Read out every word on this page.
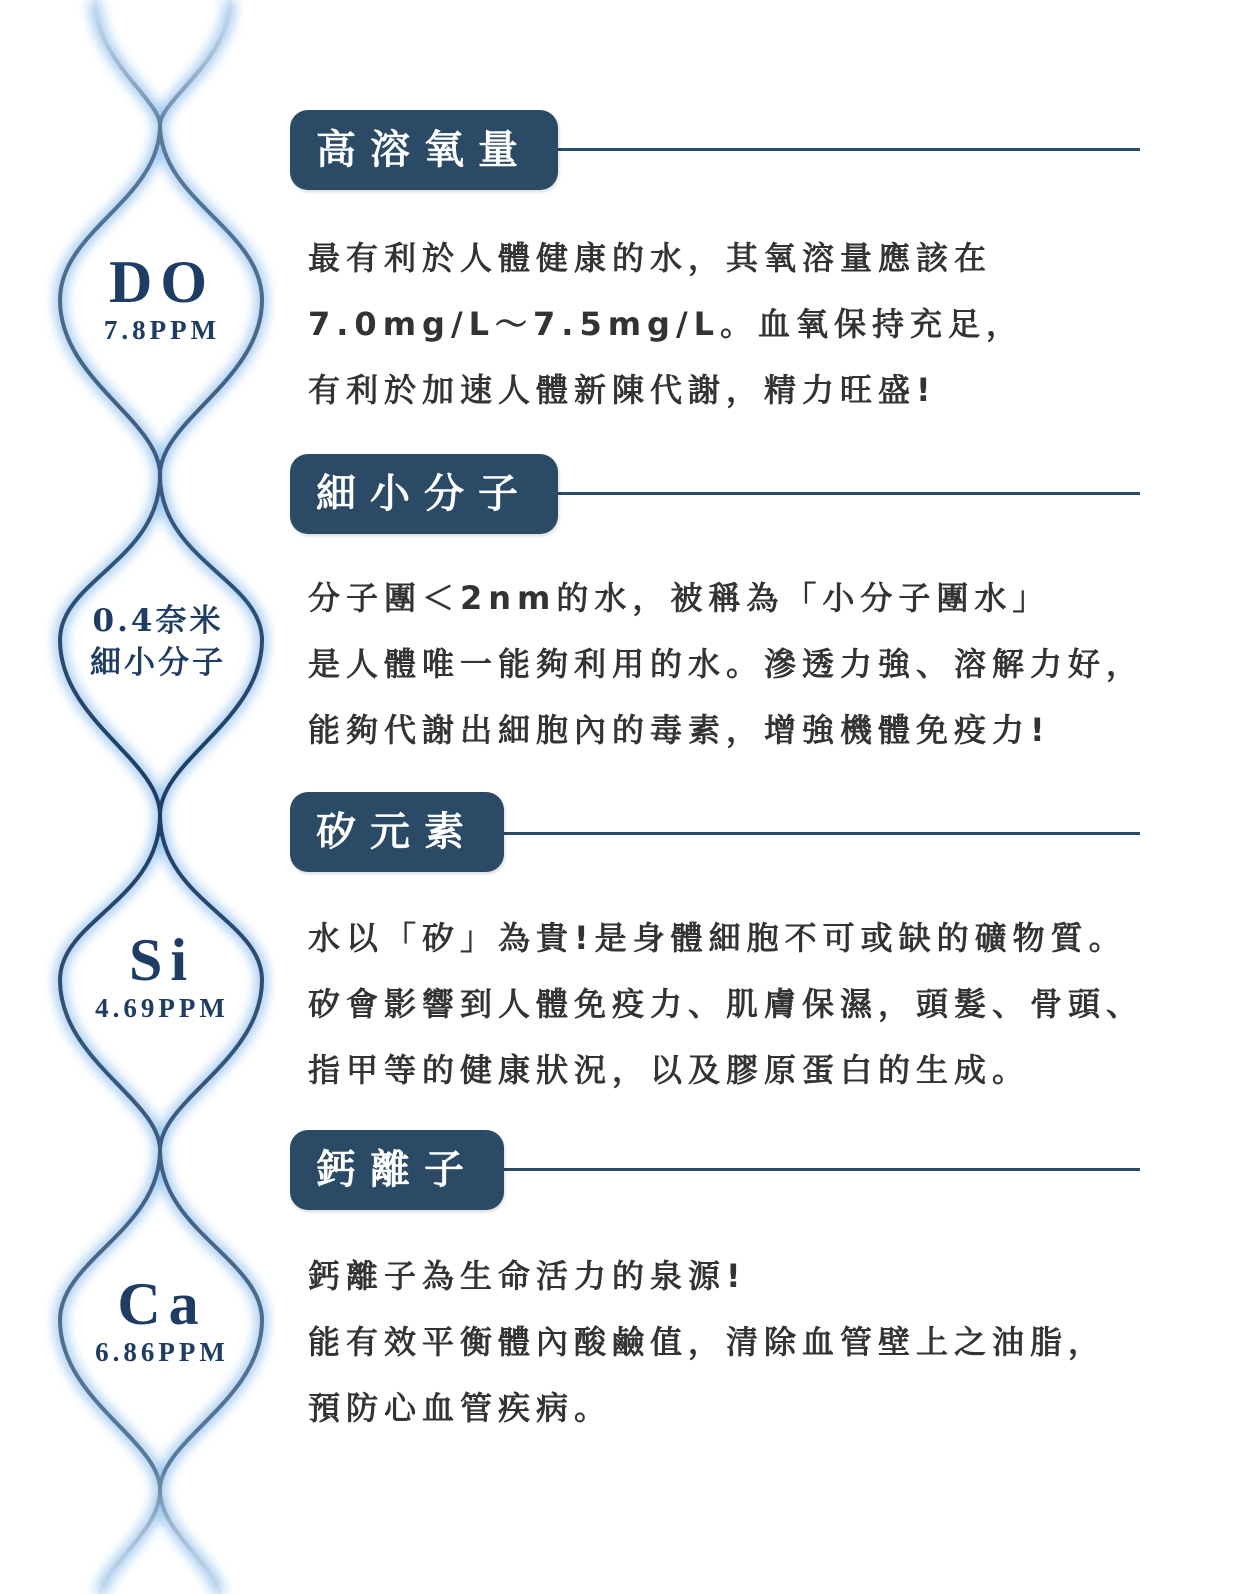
DO
7.8PPM
0.4奈米
細小分子
Si
4.69PPM
Ca
6.86PPM
高溶氧量

最有利於人體健康的水，其氧溶量應該在

7.0mg/L～7.5mg/L。血氧保持充足，

有利於加速人體新陳代謝，精力旺盛!

細小分子

分子團＜2nm的水，被稱為「小分子團水」

是人體唯一能夠利用的水。滲透力強、溶解力好，

能夠代謝出細胞內的毒素，增強機體免疫力!

矽元素

水以「矽」為貴!是身體細胞不可或缺的礦物質。

矽會影響到人體免疫力、肌膚保濕，頭髮、骨頭、

指甲等的健康狀況，以及膠原蛋白的生成。

鈣離子

鈣離子為生命活力的泉源!

能有效平衡體內酸鹼值，清除血管壁上之油脂，

預防心血管疾病。
